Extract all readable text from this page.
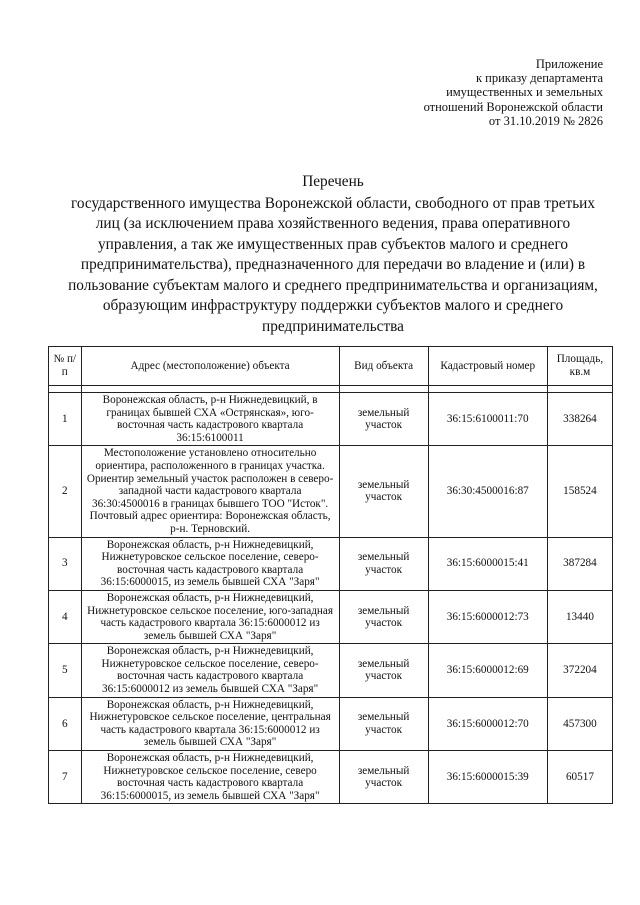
Приложение
к приказу департамента
имущественных и земельных
отношений Воронежской области
от 31.10.2019 № 2826
Перечень
государственного имущества Воронежской области, свободного от прав третьих лиц (за исключением права хозяйственного ведения, права оперативного управления, а так же имущественных прав субъектов малого и среднего предпринимательства), предназначенного для передачи во владение и (или) в пользование субъектам малого и среднего предпринимательства и организациям, образующим инфраструктуру поддержки субъектов малого и среднего предпринимательства
№ п/п	Адрес (местоположение) объекта	Вид объекта	Кадастровый номер	Площадь, кв.м

1	Воронежская область, р-н Нижнедевицкий, в границах бывшей СХА «Острянская», юго-восточная часть кадастрового квартала 36:15:6100011	земельный участок	36:15:6100011:70	338264
2	Местоположение установлено относительно ориентира, расположенного в границах участка. Ориентир земельный участок расположен в северо-западной части кадастрового квартала 36:30:4500016 в границах бывшего ТОО "Исток". Почтовый адрес ориентира: Воронежская область, р-н. Терновский.	земельный участок	36:30:4500016:87	158524
3	Воронежская область, р-н Нижнедевицкий, Нижнетуровское сельское поселение, северо-восточная часть кадастрового квартала 36:15:6000015, из земель бывшей СХА "Заря"	земельный участок	36:15:6000015:41	387284
4	Воронежская область, р-н Нижнедевицкий, Нижнетуровское сельское поселение, юго-западная часть кадастрового квартала 36:15:6000012 из земель бывшей СХА "Заря"	земельный участок	36:15:6000012:73	13440
5	Воронежская область, р-н Нижнедевицкий, Нижнетуровское сельское поселение, северо-восточная часть кадастрового квартала 36:15:6000012 из земель бывшей СХА "Заря"	земельный участок	36:15:6000012:69	372204
6	Воронежская область, р-н Нижнедевицкий, Нижнетуровское сельское поселение, центральная часть кадастрового квартала 36:15:6000012 из земель бывшей СХА "Заря"	земельный участок	36:15:6000012:70	457300
7	Воронежская область, р-н Нижнедевицкий, Нижнетуровское сельское поселение, северо восточная часть кадастрового квартала 36:15:6000015, из земель бывшей СХА "Заря"	земельный участок	36:15:6000015:39	60517
